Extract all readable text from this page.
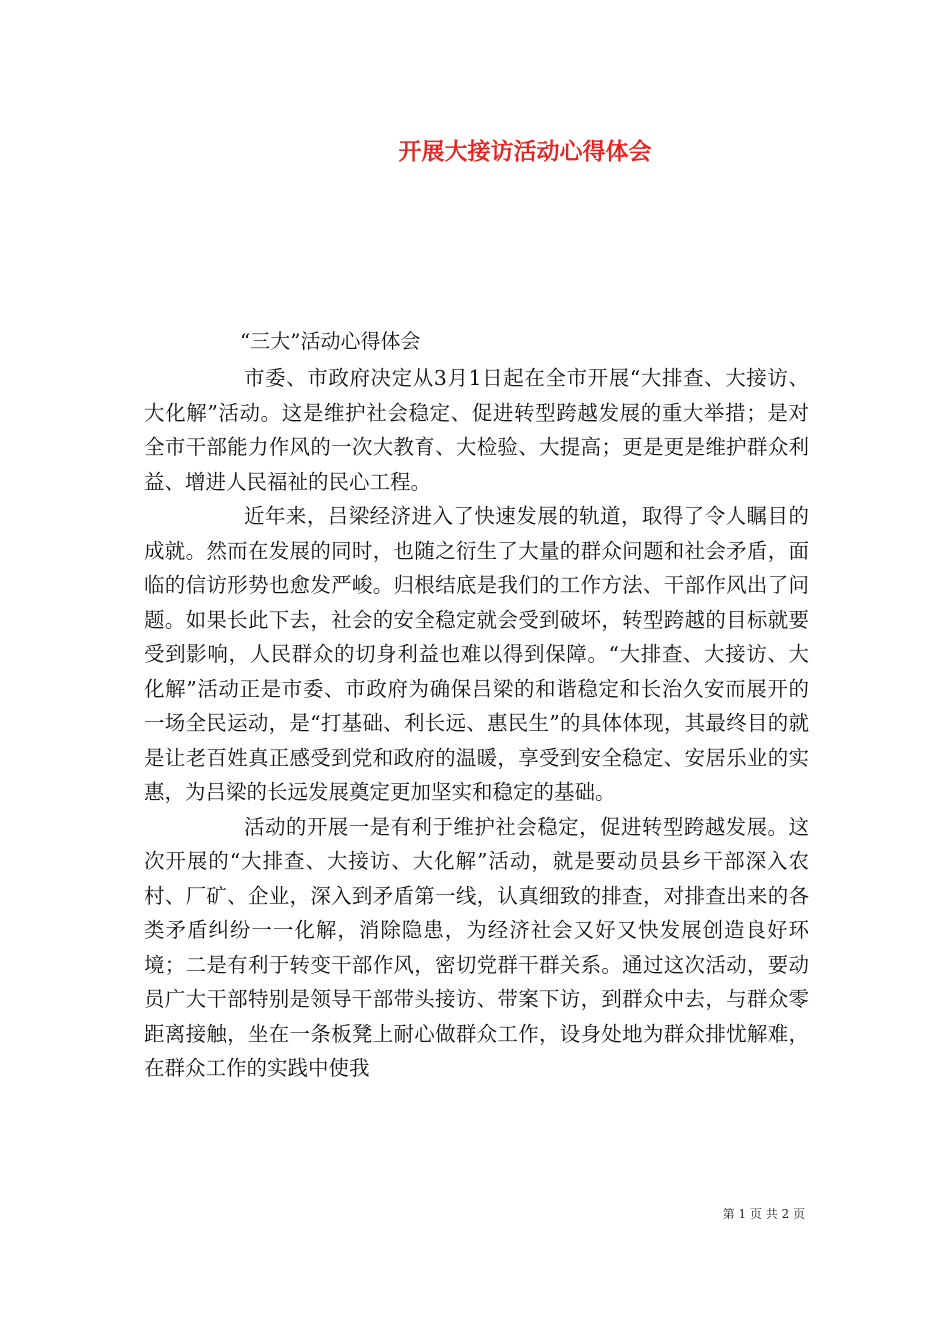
开展大接访活动心得体会

“三大”活动心得体会

市委、市政府决定从3月1日起在全市开展“大排查、大接访、大化解”活动。这是维护社会稳定、促进转型跨越发展的重大举措；是对全市干部能力作风的一次大教育、大检验、大提高；更是更是维护群众利益、增进人民福祉的民心工程。

近年来，吕梁经济进入了快速发展的轨道，取得了令人瞩目的成就。然而在发展的同时，也随之衍生了大量的群众问题和社会矛盾，面临的信访形势也愈发严峻。归根结底是我们的工作方法、干部作风出了问题。如果长此下去，社会的安全稳定就会受到破坏，转型跨越的目标就要受到影响，人民群众的切身利益也难以得到保障。“大排查、大接访、大化解”活动正是市委、市政府为确保吕梁的和谐稳定和长治久安而展开的一场全民运动，是“打基础、利长远、惠民生”的具体体现，其最终目的就是让老百姓真正感受到党和政府的温暖，享受到安全稳定、安居乐业的实惠，为吕梁的长远发展奠定更加坚实和稳定的基础。

活动的开展一是有利于维护社会稳定，促进转型跨越发展。这次开展的“大排查、大接访、大化解”活动，就是要动员县乡干部深入农村、厂矿、企业，深入到矛盾第一线，认真细致的排查，对排查出来的各类矛盾纠纷一一化解，消除隐患，为经济社会又好又快发展创造良好环境；二是有利于转变干部作风，密切党群干群关系。通过这次活动，要动员广大干部特别是领导干部带头接访、带案下访，到群众中去，与群众零距离接触，坐在一条板凳上耐心做群众工作，设身处地为群众排忧解难，在群众工作的实践中使我

第 1 页 共 2 页
